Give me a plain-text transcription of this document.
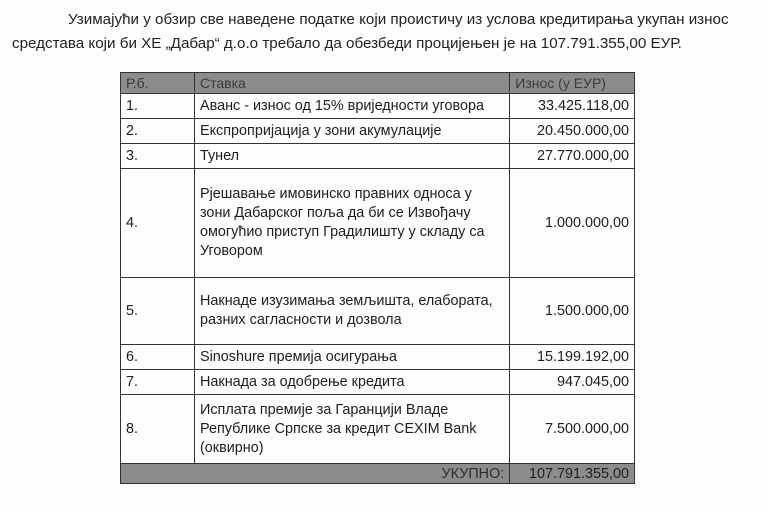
Узимајући у обзир све наведене податке који проистичу из услова кредитирања укупан износ
средстава који би ХЕ „Дабар“ д.о.о требало да обезбеди процијењен је на 107.791.355,00 ЕУР.
Р.б.	Ставка	Износ (у ЕУР)
1.	Аванс - износ од 15% вриједности уговора	33.425.118,00
2.	Експропријација у зони акумулације	20.450.000,00
3.	Тунел	27.770.000,00
4.	Рјешавање имовинско правних односа у зони Дабарског поља да би се Извођачу омогућио приступ Градилишту у складу са Уговором	1.000.000,00
5.	Накнаде изузимања земљишта, елабората, разних сагласности и дозвола	1.500.000,00
6.	Sinoshure премија осигурања	15.199.192,00
7.	Накнада за одобрење кредита	947.045,00
8.	Исплата премије за Гаранцији Владе Републике Српске за кредит CEXIM Bank (оквирно)	7.500.000,00
УКУПНО:		107.791.355,00
